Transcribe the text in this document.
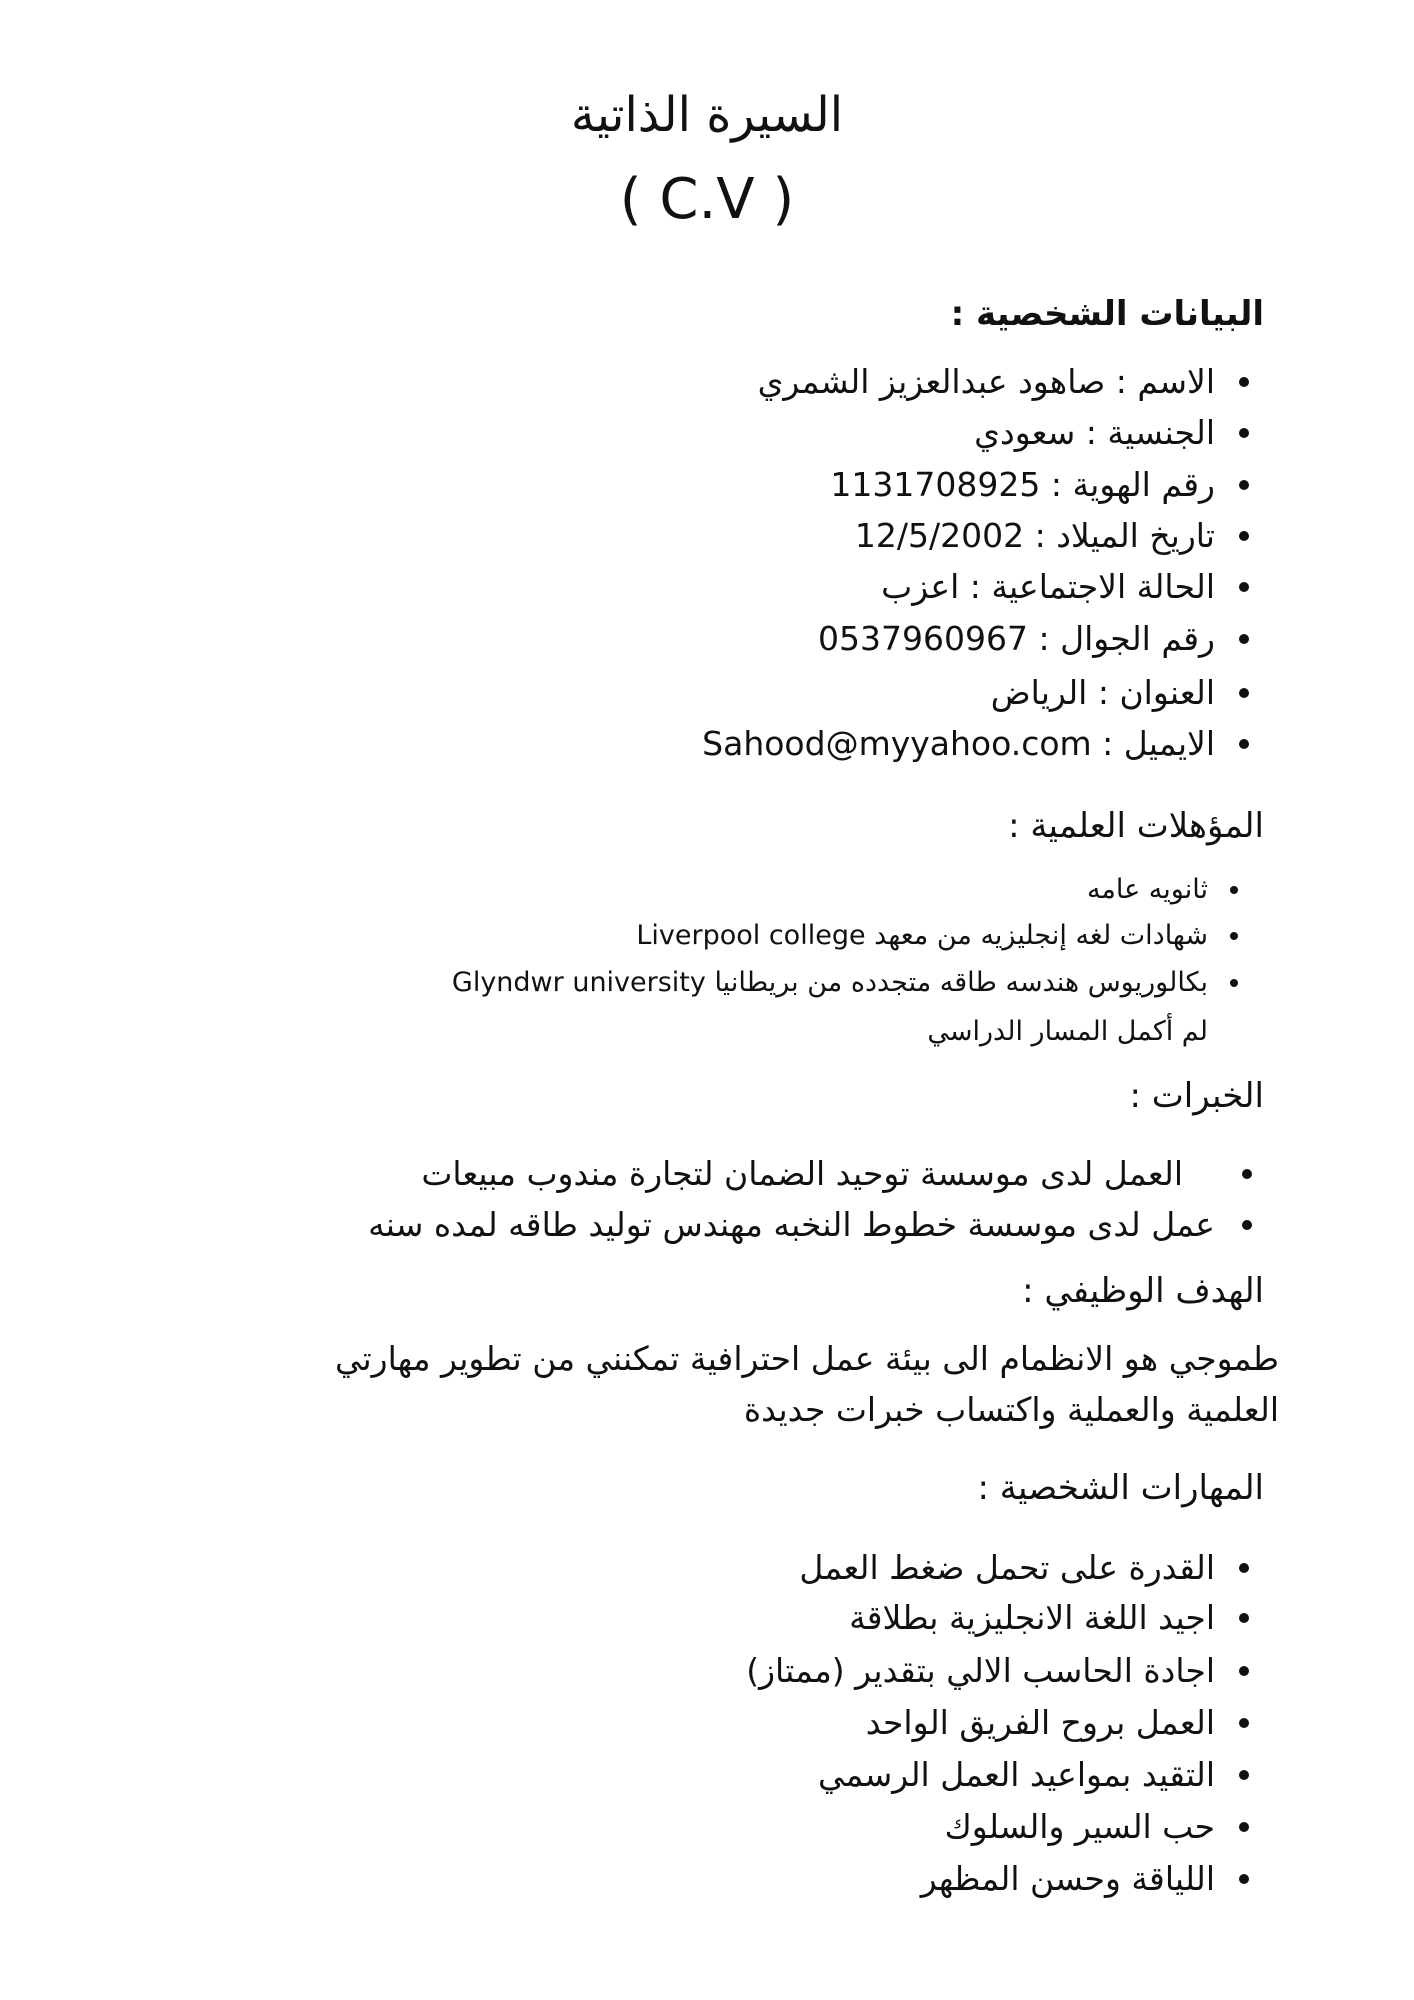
السيرة الذاتية
( C.V )
البيانات الشخصية :
الاسم : صاهود عبدالعزيز الشمري
الجنسية : سعودي
رقم الهوية : 1131708925
تاريخ الميلاد : 12/5/2002
الحالة الاجتماعية : اعزب
رقم الجوال : 0537960967
العنوان : الرياض
الايميل : Sahood@myyahoo.com
المؤهلات العلمية :
ثانويه عامه
شهادات لغه إنجليزيه من معهد Liverpool college
بكالوريوس هندسه طاقه متجدده من بريطانيا Glyndwr university
لم أكمل المسار الدراسي
الخبرات :
العمل لدى موسسة توحيد الضمان لتجارة مندوب مبيعات
عمل لدى موسسة خطوط النخبه مهندس توليد طاقه لمده سنه
الهدف الوظيفي :
طموجي هو الانظمام الى بيئة عمل احترافية تمكنني من تطوير مهارتي
العلمية والعملية واكتساب خبرات جديدة
المهارات الشخصية :
القدرة على تحمل ضغط العمل
اجيد اللغة الانجليزية بطلاقة
اجادة الحاسب الالي بتقدير (ممتاز)
العمل بروح الفريق الواحد
التقيد بمواعيد العمل الرسمي
حب السير والسلوك
اللياقة وحسن المظهر
